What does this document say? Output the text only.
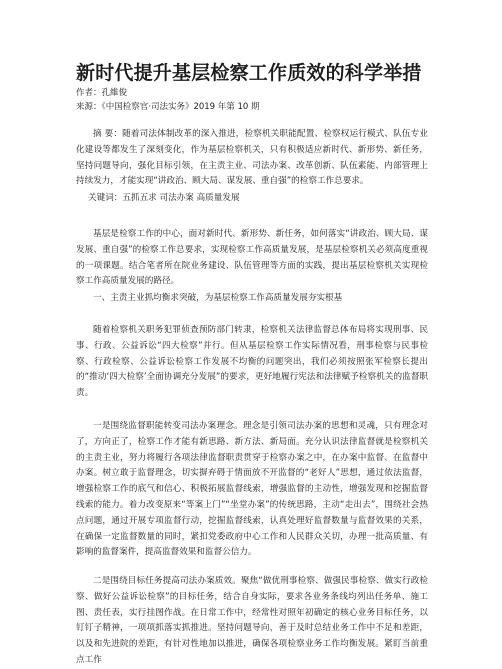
新时代提升基层检察工作质效的科学举措
作者：孔維俊
来源：《中国检察官·司法实务》2019 年第 10 期

摘 要：随着司法体制改革的深入推进，检察机关职能配置、检察权运行模式、队伍专业化建设等都发生了深刻变化，作为基层检察机关，只有积极适应新时代、新形势、新任务，坚持问题导向，强化目标引领，在主责主业、司法办案、改革创新、队伍素能、内部管理上持续发力，才能实现“讲政治、顾大局、谋发展、重自强”的检察工作总要求。

关键词：五抓五求 司法办案 高质量发展

基层是检察工作的中心，面对新时代、新形势、新任务，如何落实“讲政治、顾大局、谋发展、重自强”的检察工作总要求，实现检察工作高质量发展，是基层检察机关必须高度重视的一项课题。结合笔者所在院业务建设、队伍管理等方面的实践，提出基层检察机关实现检察工作高质量发展的路径。

一、主责主业抓均衡求突破，为基层检察工作高质量发展夯实根基

随着检察机关职务犯罪侦查预防部门转隶，检察机关法律监督总体布局将实现刑事、民事、行政、公益诉讼“四大检察”并行。但从基层检察工作实际情况看，刑事检察与民事检察、行政检察、公益诉讼检察工作发展不均衡的问题突出，我们必须按照张军检察长提出的“推动‘四大检察’全面协调充分发展”的要求，更好地履行宪法和法律赋予检察机关的监督职责。

一是围绕监督职能转变司法办案理念。理念是引领司法办案的思想和灵魂，只有理念对了，方向正了，检察工作才能有新思路、新方法、新局面。充分认识法律监督就是检察机关的主责主业，努力将履行各项法律监督职责贯穿于检察办案之中，在办案中监督、在监督中办案。树立敢于监督理念，切实摒弃碍于情面放不开监督的“老好人”思想，通过依法监督，增强检察工作的底气和信心、积极拓展监督线索，增强监督的主动性，增强发现和挖掘监督线索的能力。着力改变原来“等案上门”“坐堂办案”的传统思路，主动“走出去”，围绕社会热点问题，通过开展专项监督行动，挖掘监督线索，认真处理好监督数量与监督效果的关系，在确保一定监督数量的同时，紧扣党委政府中心工作和人民群众关切，办理一批高质量、有影响的监督案件，提高监督效果和监督公信力。

二是围绕目标任务提高司法办案质效。聚焦“做优刑事检察、做强民事检察、做实行政检察、做好公益诉讼检察”的目标任务，结合自身实际，要求各业务条线均列出任务单、施工图、责任表，实行挂图作战。在日常工作中，经常性对照年初确定的核心业务目标任务，以钉钉子精神，一项项抓落实抓推进。坚持问题导向，善于及时总结业务工作中不足和差距，以及和先进院的差距，有针对性地加以推进，确保各项检察业务工作均衡发展。紧盯当前重点工作
